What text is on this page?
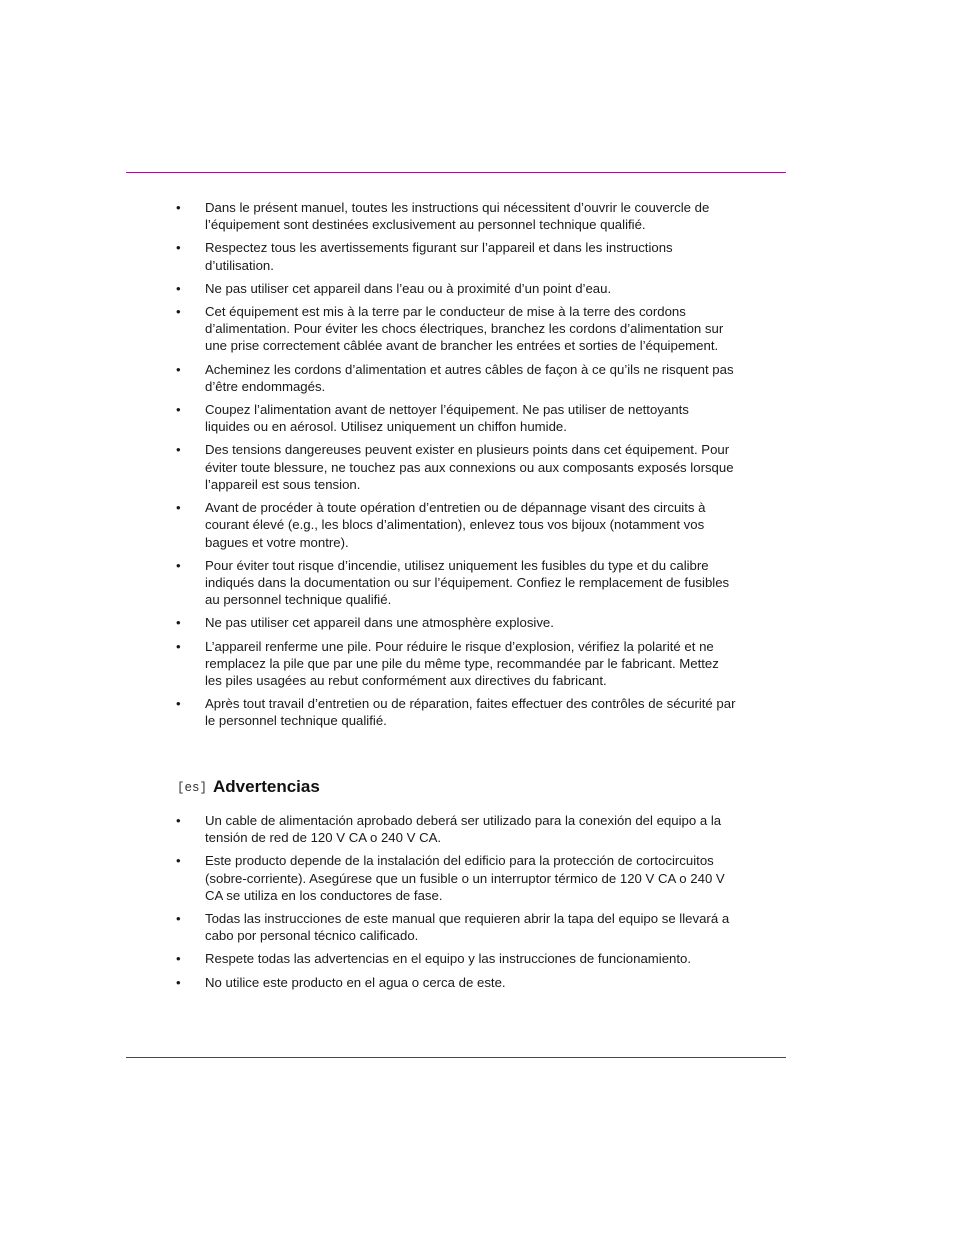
• Dans le présent manuel, toutes les instructions qui nécessitent d’ouvrir le couvercle de l’équipement sont destinées exclusivement au personnel technique qualifié.
• Respectez tous les avertissements figurant sur l’appareil et dans les instructions d’utilisation.
• Ne pas utiliser cet appareil dans l’eau ou à proximité d’un point d’eau.
• Cet équipement est mis à la terre par le conducteur de mise à la terre des cordons d’alimentation. Pour éviter les chocs électriques, branchez les cordons d’alimentation sur une prise correctement câblée avant de brancher les entrées et sorties de l’équipement.
• Acheminez les cordons d’alimentation et autres câbles de façon à ce qu’ils ne risquent pas d’être endommagés.
• Coupez l’alimentation avant de nettoyer l’équipement. Ne pas utiliser de nettoyants liquides ou en aérosol. Utilisez uniquement un chiffon humide.
• Des tensions dangereuses peuvent exister en plusieurs points dans cet équipement. Pour éviter toute blessure, ne touchez pas aux connexions ou aux composants exposés lorsque l’appareil est sous tension.
• Avant de procéder à toute opération d’entretien ou de dépannage visant des circuits à courant élevé (e.g., les blocs d’alimentation), enlevez tous vos bijoux (notamment vos bagues et votre montre).
• Pour éviter tout risque d’incendie, utilisez uniquement les fusibles du type et du calibre indiqués dans la documentation ou sur l’équipement. Confiez le remplacement de fusibles au personnel technique qualifié.
• Ne pas utiliser cet appareil dans une atmosphère explosive.
• L’appareil renferme une pile. Pour réduire le risque d’explosion, vérifiez la polarité et ne remplacez la pile que par une pile du même type, recommandée par le fabricant. Mettez les piles usagées au rebut conformément aux directives du fabricant.
• Après tout travail d’entretien ou de réparation, faites effectuer des contrôles de sécurité par le personnel technique qualifié.
[es] Advertencias
• Un cable de alimentación aprobado deberá ser utilizado para la conexión del equipo a la tensión de red de 120 V CA o 240 V CA.
• Este producto depende de la instalación del edificio para la protección de cortocircuitos (sobre-corriente). Asegúrese que un fusible o un interruptor térmico de 120 V CA o 240 V CA se utiliza en los conductores de fase.
• Todas las instrucciones de este manual que requieren abrir la tapa del equipo se llevará a cabo por personal técnico calificado.
• Respete todas las advertencias en el equipo y las instrucciones de funcionamiento.
• No utilice este producto en el agua o cerca de este.
